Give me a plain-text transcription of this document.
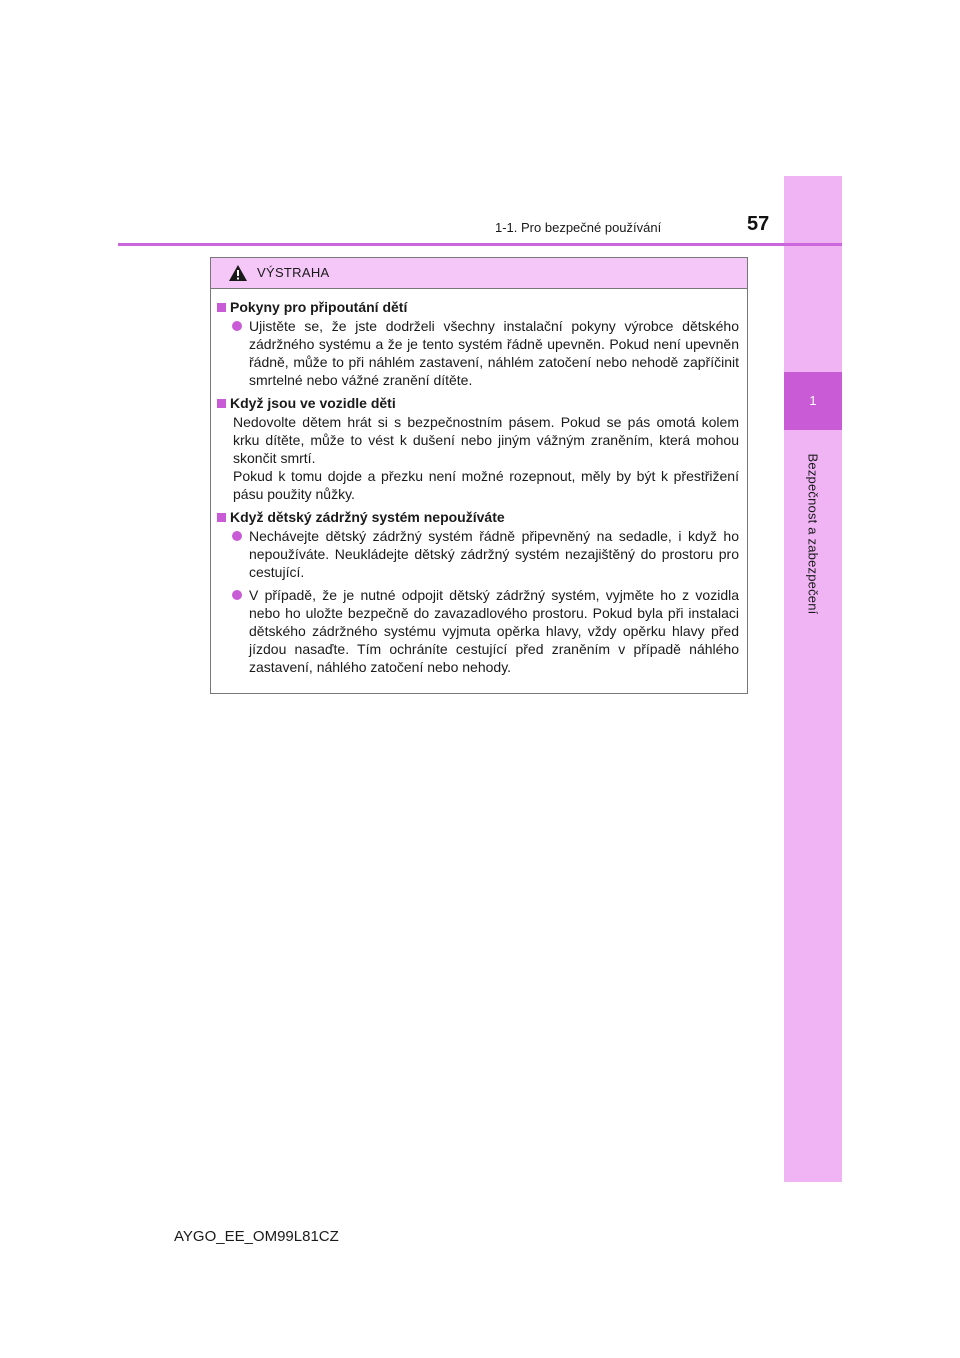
1
Bezpečnost a zabezpečení
1-1. Pro bezpečné používání	57
VÝSTRAHA
Pokyny pro připoutání dětí
Ujistěte se, že jste dodrželi všechny instalační pokyny výrobce dětského zádržného systému a že je tento systém řádně upevněn. Pokud není upevněn řádně, může to při náhlém zastavení, náhlém zatočení nebo nehodě zapříčinit smrtelné nebo vážné zranění dítěte.
Když jsou ve vozidle děti
Nedovolte dětem hrát si s bezpečnostním pásem. Pokud se pás omotá kolem krku dítěte, může to vést k dušení nebo jiným vážným zraněním, která mohou skončit smrtí.
Pokud k tomu dojde a přezku není možné rozepnout, měly by být k přestřižení pásu použity nůžky.
Když dětský zádržný systém nepoužíváte
Nechávejte dětský zádržný systém řádně připevněný na sedadle, i když ho nepoužíváte. Neukládejte dětský zádržný systém nezajištěný do prostoru pro cestující.
V případě, že je nutné odpojit dětský zádržný systém, vyjměte ho z vozidla nebo ho uložte bezpečně do zavazadlového prostoru. Pokud byla při instalaci dětského zádržného systému vyjmuta opěrka hlavy, vždy opěrku hlavy před jízdou nasaďte. Tím ochráníte cestující před zraněním v případě náhlého zastavení, náhlého zatočení nebo nehody.
AYGO_EE_OM99L81CZ
